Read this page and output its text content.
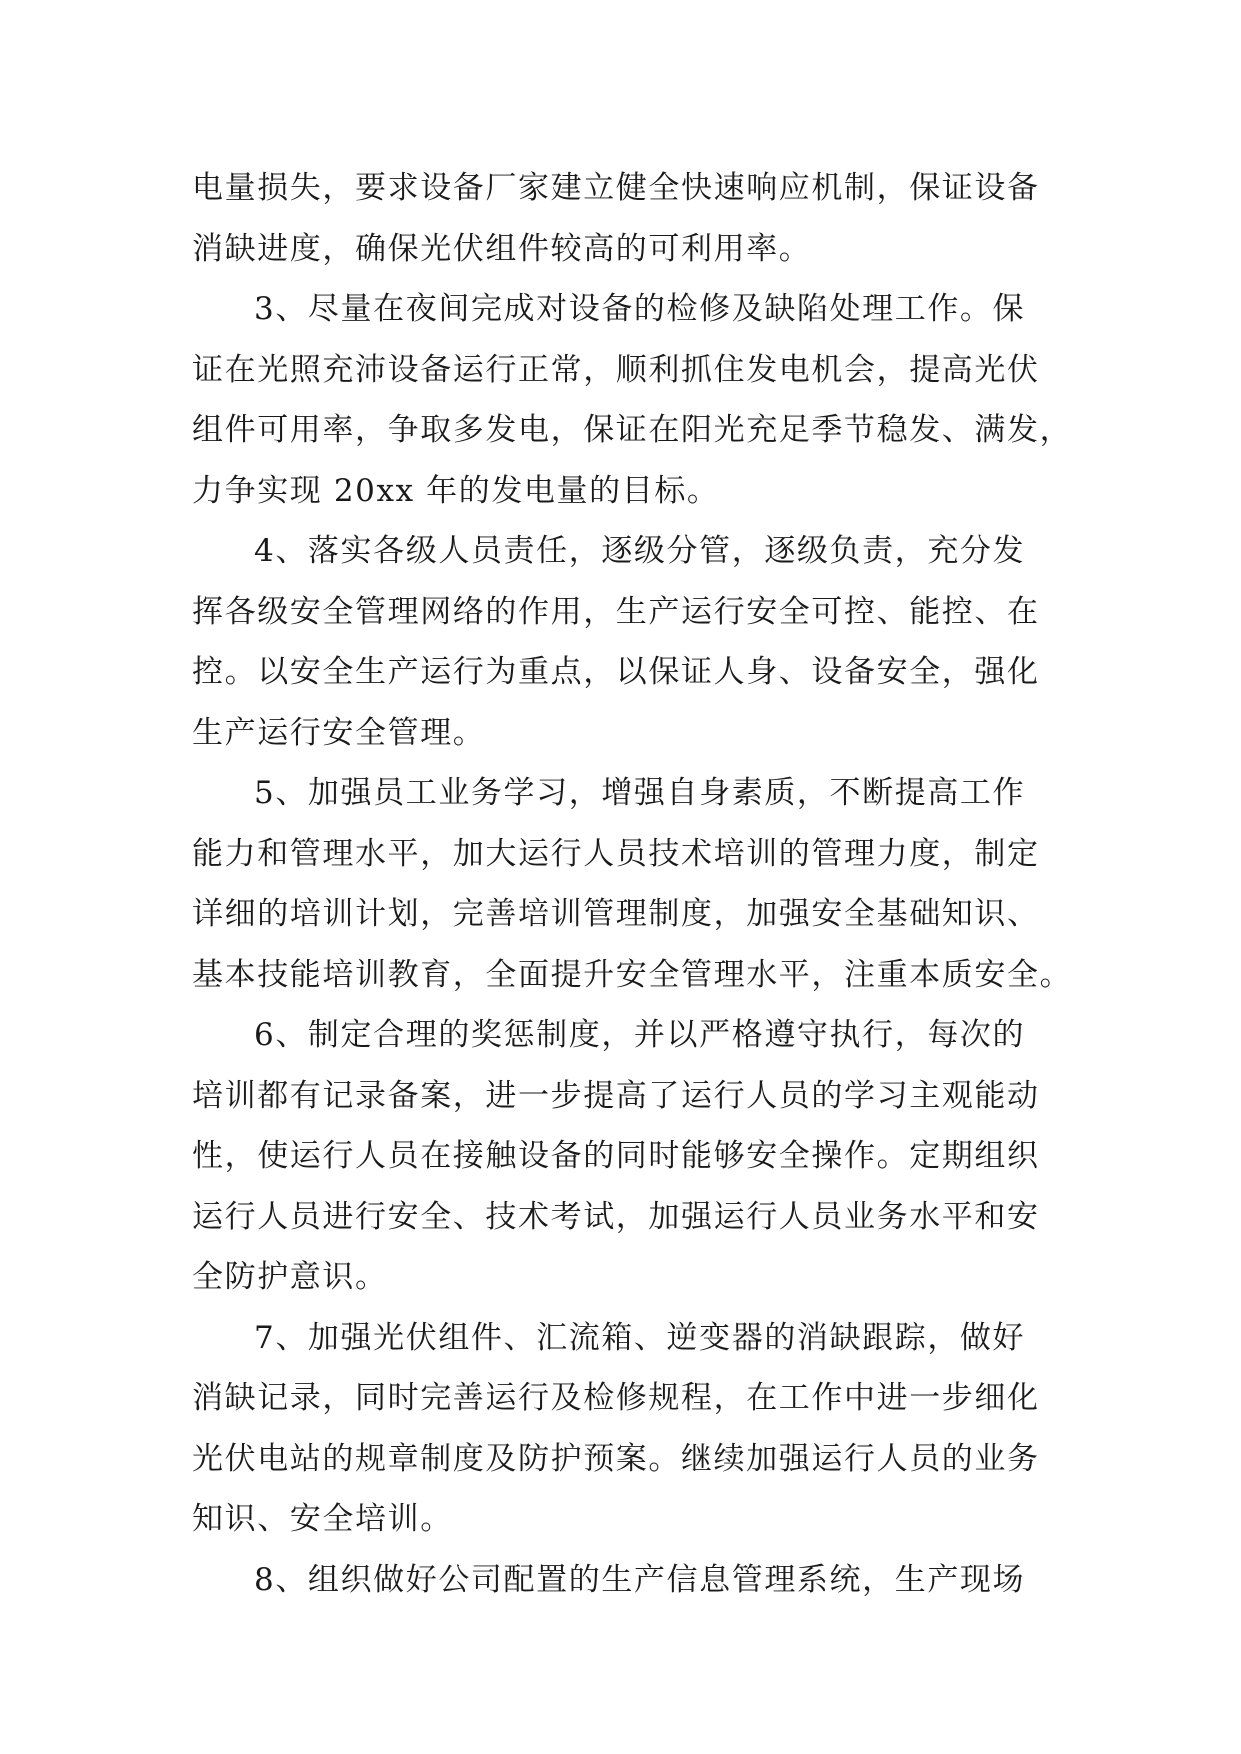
电量损失，要求设备厂家建立健全快速响应机制，保证设备

消缺进度，确保光伏组件较高的可利用率。

3、尽量在夜间完成对设备的检修及缺陷处理工作。保

证在光照充沛设备运行正常，顺利抓住发电机会，提高光伏

组件可用率，争取多发电，保证在阳光充足季节稳发、满发，

力争实现 20xx 年的发电量的目标。

4、落实各级人员责任，逐级分管，逐级负责，充分发

挥各级安全管理网络的作用，生产运行安全可控、能控、在

控。以安全生产运行为重点，以保证人身、设备安全，强化

生产运行安全管理。

5、加强员工业务学习，增强自身素质，不断提高工作

能力和管理水平，加大运行人员技术培训的管理力度，制定

详细的培训计划，完善培训管理制度，加强安全基础知识、

基本技能培训教育，全面提升安全管理水平，注重本质安全。

6、制定合理的奖惩制度，并以严格遵守执行，每次的

培训都有记录备案，进一步提高了运行人员的学习主观能动

性，使运行人员在接触设备的同时能够安全操作。定期组织

运行人员进行安全、技术考试，加强运行人员业务水平和安

全防护意识。

7、加强光伏组件、汇流箱、逆变器的消缺跟踪，做好

消缺记录，同时完善运行及检修规程，在工作中进一步细化

光伏电站的规章制度及防护预案。继续加强运行人员的业务

知识、安全培训。

8、组织做好公司配置的生产信息管理系统，生产现场
